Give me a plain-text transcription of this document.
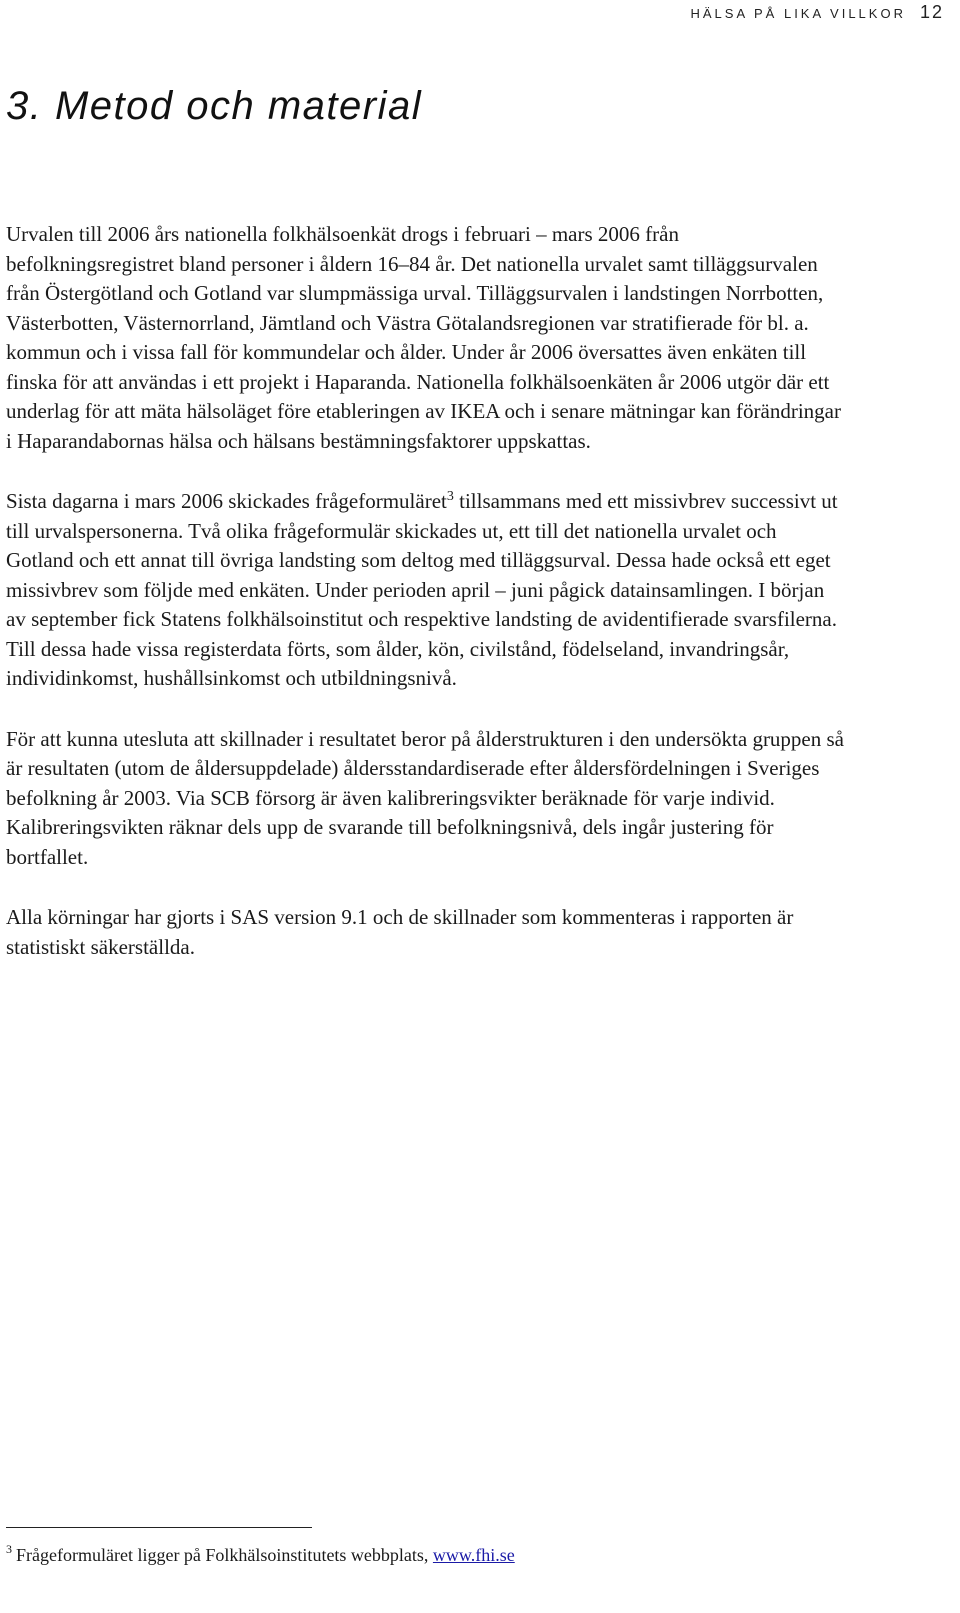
HÄLSA PÅ LIKA VILLKOR 12
3. Metod och material

Urvalen till 2006 års nationella folkhälsoenkät drogs i februari – mars 2006 från befolkningsregistret bland personer i åldern 16–84 år. Det nationella urvalet samt tilläggsurvalen från Östergötland och Gotland var slumpmässiga urval. Tilläggsurvalen i landstingen Norrbotten, Västerbotten, Västernorrland, Jämtland och Västra Götalandsregionen var stratifierade för bl. a. kommun och i vissa fall för kommundelar och ålder. Under år 2006 översattes även enkäten till finska för att användas i ett projekt i Haparanda. Nationella folkhälsoenkäten år 2006 utgör där ett underlag för att mäta hälsoläget före etableringen av IKEA och i senare mätningar kan förändringar i Haparandabornas hälsa och hälsans bestämningsfaktorer uppskattas.

Sista dagarna i mars 2006 skickades frågeformuläret$^3$ tillsammans med ett missivbrev successivt ut till urvalspersonerna. Två olika frågeformulär skickades ut, ett till det nationella urvalet och Gotland och ett annat till övriga landsting som deltog med tilläggsurval. Dessa hade också ett eget missivbrev som följde med enkäten. Under perioden april – juni pågick datainsamlingen. I början av september fick Statens folkhälsoinstitut och respektive landsting de avidentifierade svarsfilerna. Till dessa hade vissa registerdata förts, som ålder, kön, civilstånd, födelseland, invandringsår, individinkomst, hushållsinkomst och utbildningsnivå.

För att kunna utesluta att skillnader i resultatet beror på ålderstrukturen i den undersökta gruppen så är resultaten (utom de åldersuppdelade) åldersstandardiserade efter åldersfördelningen i Sveriges befolkning år 2003. Via SCB försorg är även kalibreringsvikter beräknade för varje individ. Kalibreringsvikten räknar dels upp de svarande till befolkningsnivå, dels ingår justering för bortfallet.

Alla körningar har gjorts i SAS version 9.1 och de skillnader som kommenteras i rapporten är statistiskt säkerställda.

$^3$ Frågeformuläret ligger på Folkhälsoinstitutets webbplats, www.fhi.se
